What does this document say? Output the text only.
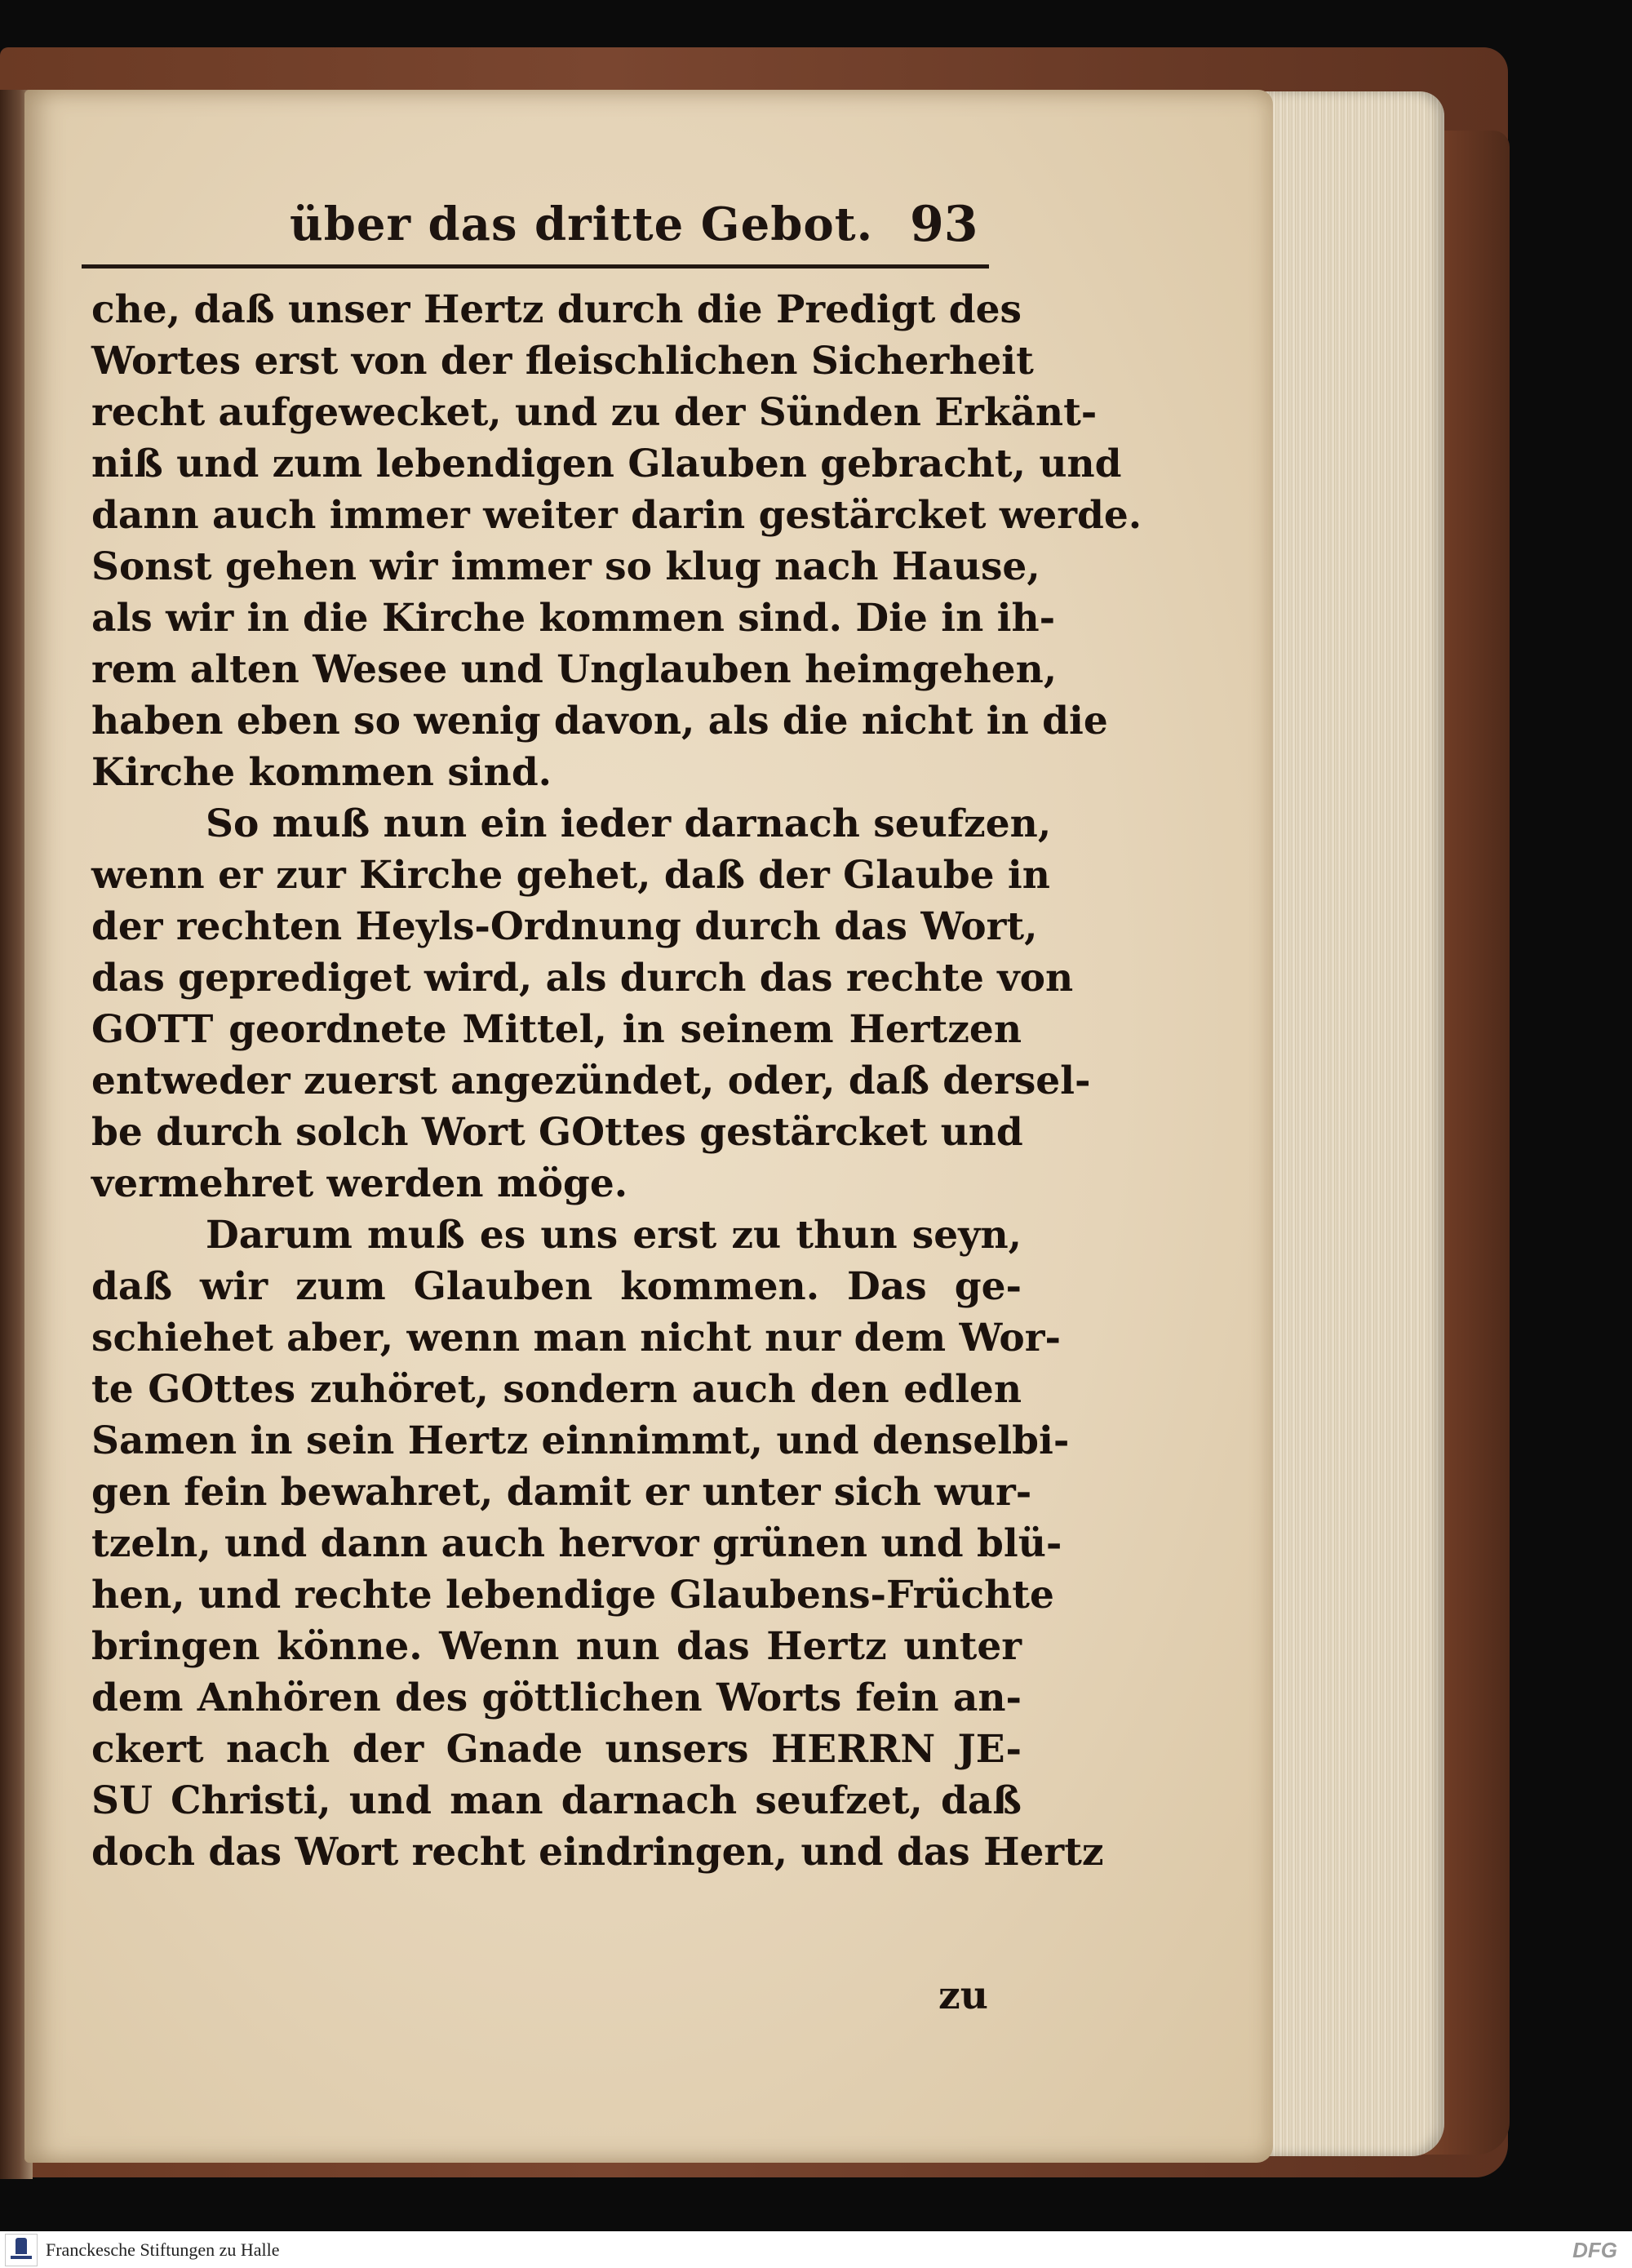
über das dritte Gebot. 93
che, daß unser Hertz durch die Predigt des
Wortes erst von der fleischlichen Sicherheit
recht aufgewecket, und zu der Sünden Erkänt-
niß und zum lebendigen Glauben gebracht, und
dann auch immer weiter darin gestärcket werde.
Sonst gehen wir immer so klug nach Hause,
als wir in die Kirche kommen sind. Die in ih-
rem alten Wesee und Unglauben heimgehen,
haben eben so wenig davon, als die nicht in die
Kirche kommen sind.
So muß nun ein ieder darnach seufzen,
wenn er zur Kirche gehet, daß der Glaube in
der rechten Heyls-Ordnung durch das Wort,
das geprediget wird, als durch das rechte von
GOTT geordnete Mittel, in seinem Hertzen
entweder zuerst angezündet, oder, daß dersel-
be durch solch Wort GOttes gestärcket und
vermehret werden möge.
Darum muß es uns erst zu thun seyn,
daß wir zum Glauben kommen. Das ge-
schiehet aber, wenn man nicht nur dem Wor-
te GOttes zuhöret, sondern auch den edlen
Samen in sein Hertz einnimmt, und denselbi-
gen fein bewahret, damit er unter sich wur-
tzeln, und dann auch hervor grünen und blü-
hen, und rechte lebendige Glaubens-Früchte
bringen könne. Wenn nun das Hertz unter
dem Anhören des göttlichen Worts fein an-
ckert nach der Gnade unsers HERRN JE-
SU Christi, und man darnach seufzet, daß
doch das Wort recht eindringen, und das Hertz
zu
Franckesche Stiftungen zu Halle	DFG
